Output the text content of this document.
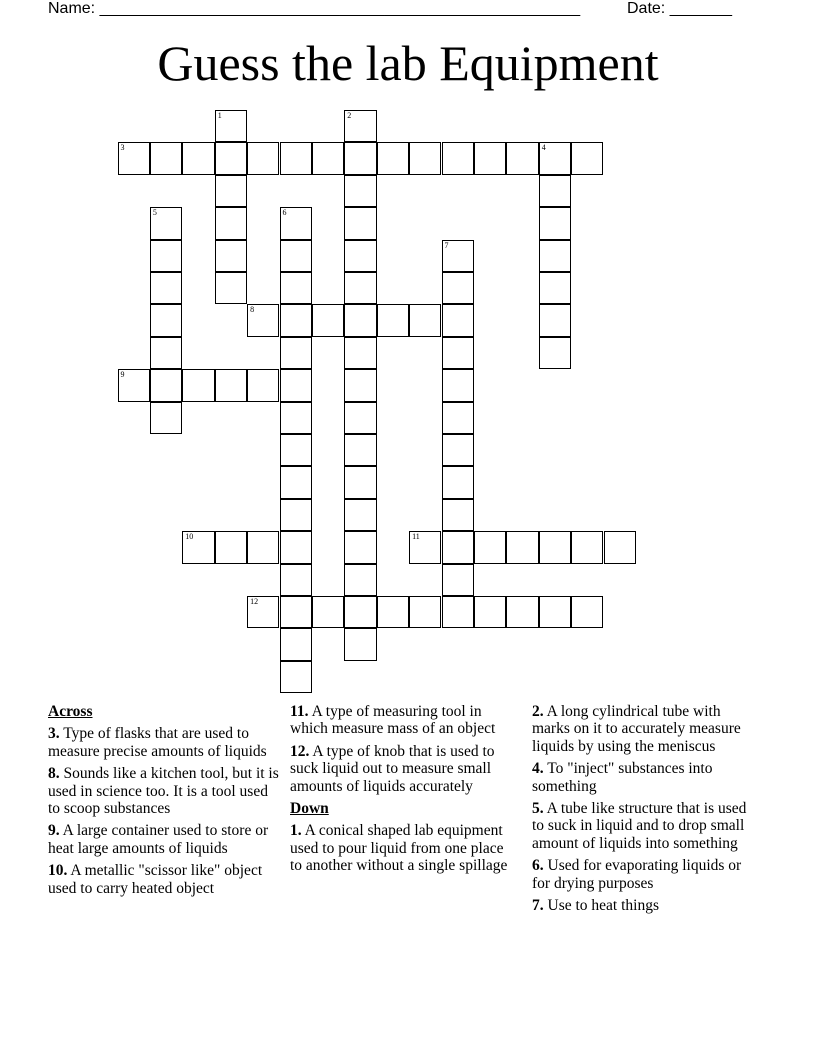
Name: ______________________________________________________	Date: _______
Guess the lab Equipment
1	2
3	4
5	6
7
8
9
10	11
12
Across

3. Type of flasks that are used to measure precise amounts of liquids

8. Sounds like a kitchen tool, but it is used in science too. It is a tool used to scoop substances

9. A large container used to store or heat large amounts of liquids

10. A metallic "scissor like" object used to carry heated object

11. A type of measuring tool in which measure mass of an object

12. A type of knob that is used to suck liquid out to measure small amounts of liquids accurately

Down

1. A conical shaped lab equipment used to pour liquid from one place to another without a single spillage

2. A long cylindrical tube with marks on it to accurately measure liquids by using the meniscus

4. To "inject" substances into something

5. A tube like structure that is used to suck in liquid and to drop small amount of liquids into something

6. Used for evaporating liquids or for drying purposes

7. Use to heat things
